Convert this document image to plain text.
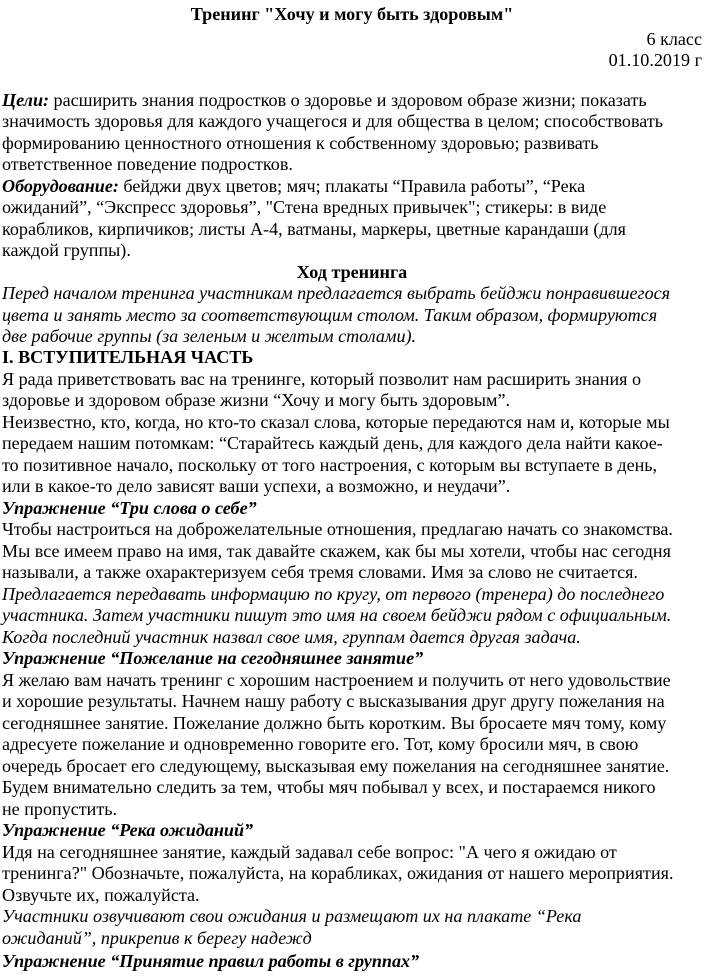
Тренинг "Хочу и могу быть здоровым"
6 класс
01.10.2019 г
Цели: расширить знания подростков о здоровье и здоровом образе жизни; показать
значимость здоровья для каждого учащегося и для общества в целом; способствовать
формированию ценностного отношения к собственному здоровью; развивать
ответственное поведение подростков.
Оборудование: бейджи двух цветов; мяч; плакаты “Правила работы”, “Река
ожиданий”, “Экспресс здоровья”, "Стена вредных привычек"; стикеры: в виде
корабликов, кирпичиков; листы А-4, ватманы, маркеры, цветные карандаши (для
каждой группы).
Ход тренинга
Перед началом тренинга участникам предлагается выбрать бейджи понравившегося
цвета и занять место за соответствующим столом. Таким образом, формируются
две рабочие группы (за зеленым и желтым столами).
I. ВСТУПИТЕЛЬНАЯ ЧАСТЬ
Я рада приветствовать вас на тренинге, который позволит нам расширить знания о
здоровье и здоровом образе жизни “Хочу и могу быть здоровым”.
Неизвестно, кто, когда, но кто-то сказал слова, которые передаются нам и, которые мы
передаем нашим потомкам: “Старайтесь каждый день, для каждого дела найти какое-
то позитивное начало, поскольку от того настроения, с которым вы вступаете в день,
или в какое-то дело зависят ваши успехи, а возможно, и неудачи”.
Упражнение “Три слова о себе”
Чтобы настроиться на доброжелательные отношения, предлагаю начать со знакомства.
Мы все имеем право на имя, так давайте скажем, как бы мы хотели, чтобы нас сегодня
называли, а также охарактеризуем себя тремя словами. Имя за слово не считается.
Предлагается передавать информацию по кругу, от первого (тренера) до последнего
участника. Затем участники пишут это имя на своем бейджи рядом с официальным.
Когда последний участник назвал свое имя, группам дается другая задача.
Упражнение “Пожелание на сегодняшнее занятие”
Я желаю вам начать тренинг с хорошим настроением и получить от него удовольствие
и хорошие результаты. Начнем нашу работу с высказывания друг другу пожелания на
сегодняшнее занятие. Пожелание должно быть коротким. Вы бросаете мяч тому, кому
адресуете пожелание и одновременно говорите его. Тот, кому бросили мяч, в свою
очередь бросает его следующему, высказывая ему пожелания на сегодняшнее занятие.
Будем внимательно следить за тем, чтобы мяч побывал у всех, и постараемся никого
не пропустить.
Упражнение “Река ожиданий”
Идя на сегодняшнее занятие, каждый задавал себе вопрос: "А чего я ожидаю от
тренинга?" Обозначьте, пожалуйста, на корабликах, ожидания от нашего мероприятия.
Озвучьте их, пожалуйста.
Участники озвучивают свои ожидания и размещают их на плакате “Река
ожиданий”, прикрепив к берегу надежд
Упражнение “Принятие правил работы в группах”
